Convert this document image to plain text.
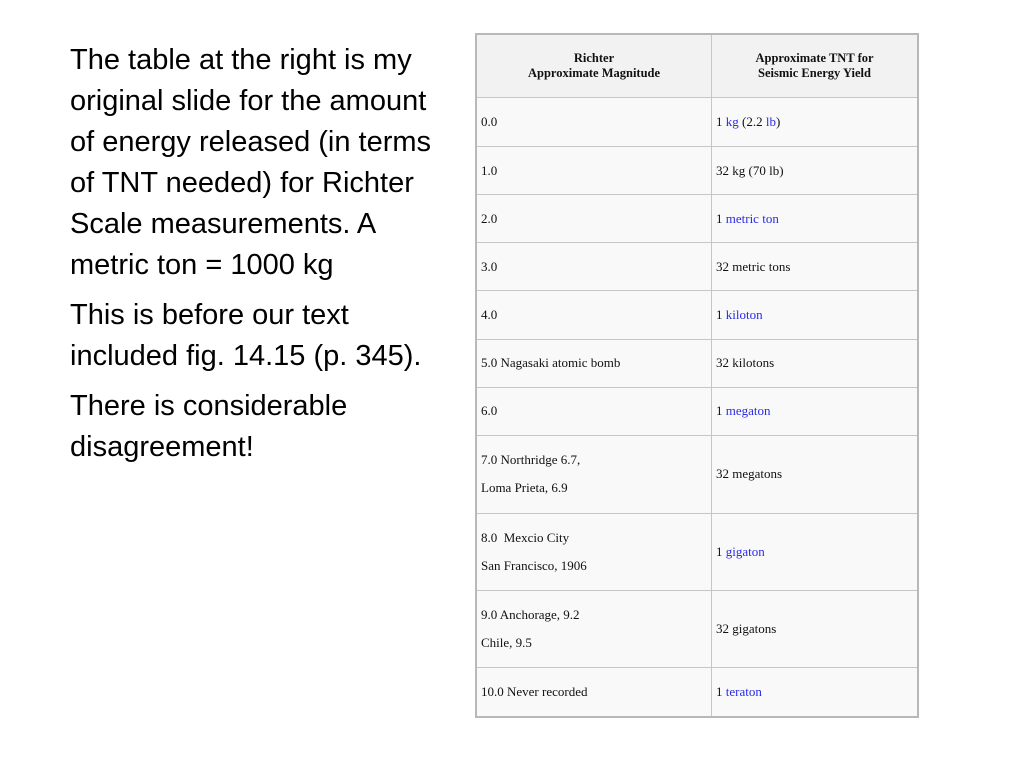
The table at the right is my original slide for the amount of energy released (in terms of TNT needed) for Richter Scale measurements. A metric ton = 1000 kg

This is before our text included fig. 14.15 (p. 345).

There is considerable disagreement!

Richter
Approximate Magnitude	Approximate TNT for
Seismic Energy Yield
0.0	1 kg (2.2 lb)
1.0	32 kg (70 lb)
2.0	1 metric ton
3.0	32 metric tons
4.0	1 kiloton
5.0 Nagasaki atomic bomb	32 kilotons
6.0	1 megaton
7.0 Northridge 6.7,
Loma Prieta, 6.9	32 megatons
8.0  Mexcio City
San Francisco, 1906	1 gigaton
9.0 Anchorage, 9.2
Chile, 9.5	32 gigatons
10.0 Never recorded	1 teraton
